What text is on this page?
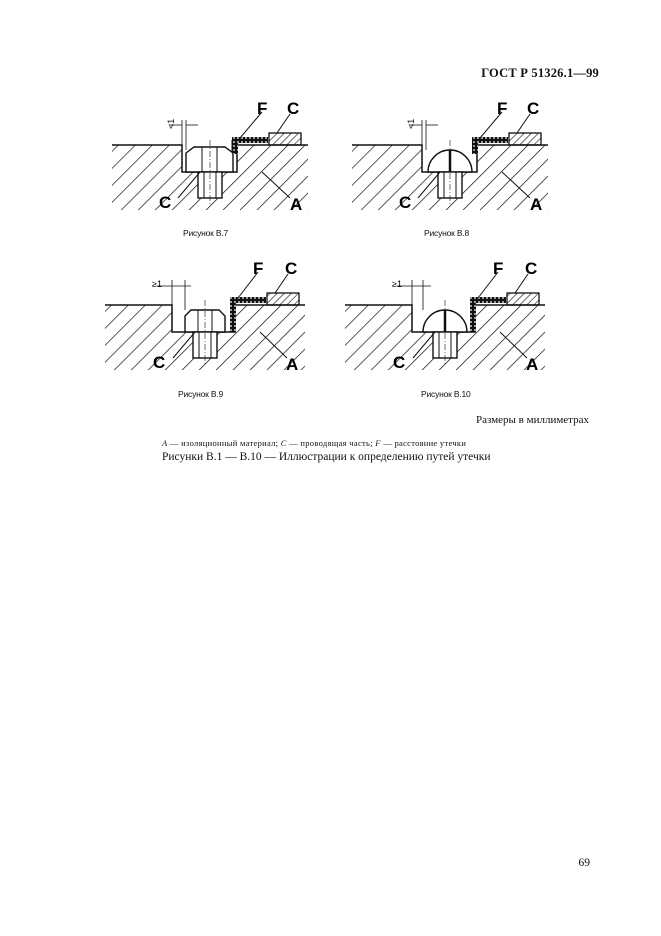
ГОСТ Р 51326.1—99
<1
F C
C	A
Рисунок В.7
<1
F C
C	A
Рисунок В.8
≥1
F C
C	A
Рисунок В.9
≥1
F C
C	A
Рисунок В.10
Размеры в миллиметрах
A — изоляционный материал; C — проводящая часть; F — расстояние утечки
Рисунки В.1 — В.10 — Иллюстрации к определению путей утечки
69
